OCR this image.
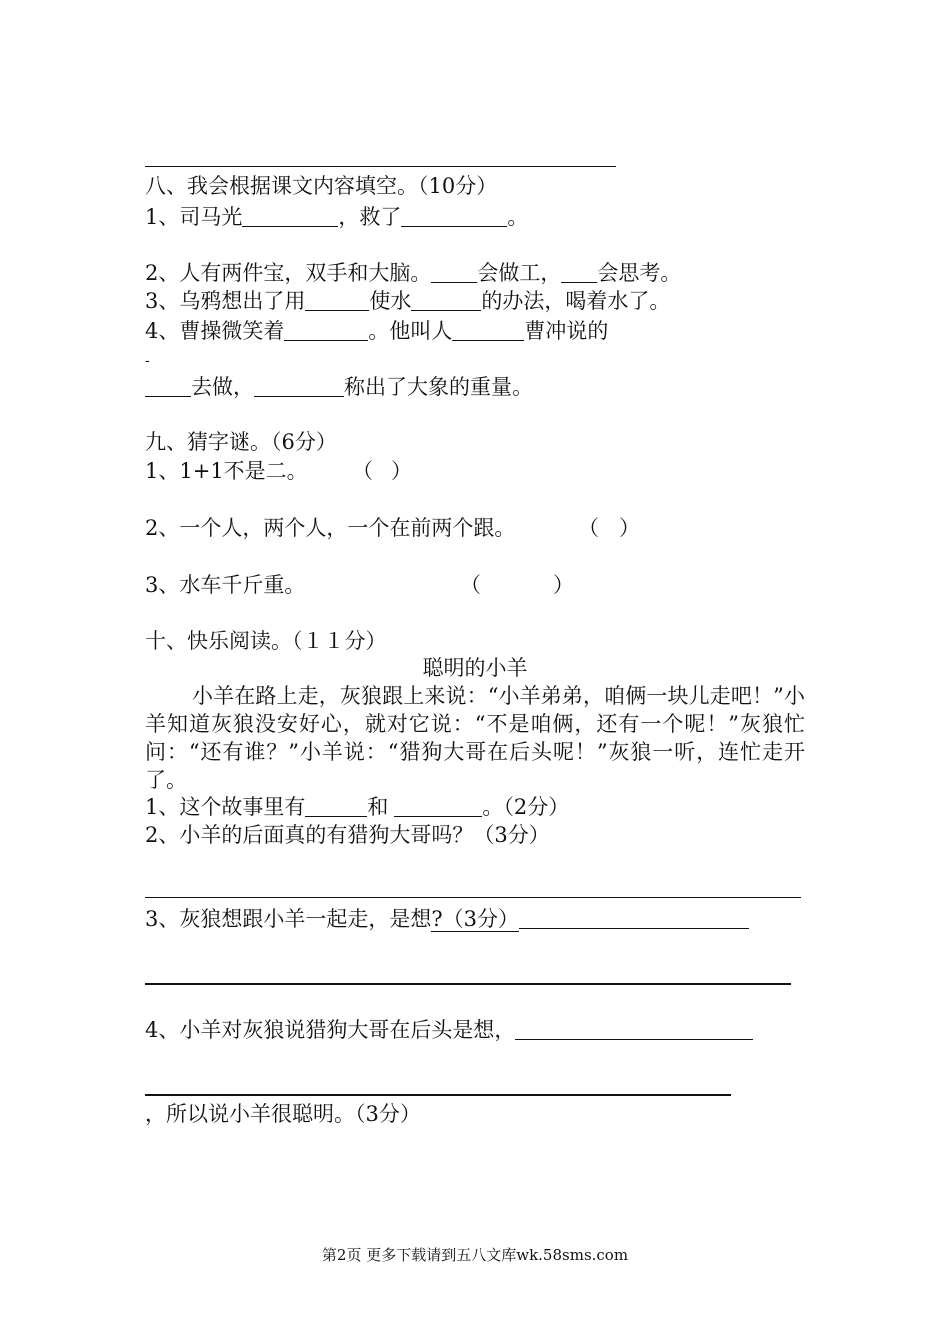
八、我会根据课文内容填空。（10分）
1、司马光	，救了	。
2、人有两件宝，双手和大脑。 会做工， 会思考。
3、乌鸦想出了用	使水	的办法，喝着水了。
4、曹操微笑着	。他叫人	曹冲说的
-
去做，	称出了大象的重量。
九、猜字谜。（6分）
1、1+1不是二。 （ ）
2、一个人，两个人，一个在前两个跟。	（ ）
3、水车千斤重。	（	）
十、快乐阅读。（１１分）
聪明的小羊
小羊在路上走，灰狼跟上来说：“小羊弟弟，咱俩一块儿走吧！”小羊知道灰狼没安好心，就对它说：“不是咱俩，还有一个呢！”灰狼忙问：“还有谁？”小羊说：“猎狗大哥在后头呢！”灰狼一听，连忙走开了。
1、这个故事里有	和	。（2分）
2、小羊的后面真的有猎狗大哥吗？（3分）
3、灰狼想跟小羊一起走，是想?（3分）
4、小羊对灰狼说猎狗大哥在后头是想，
，所以说小羊很聪明。（3分）
第2页 更多下载请到五八文库wk.58sms.com
